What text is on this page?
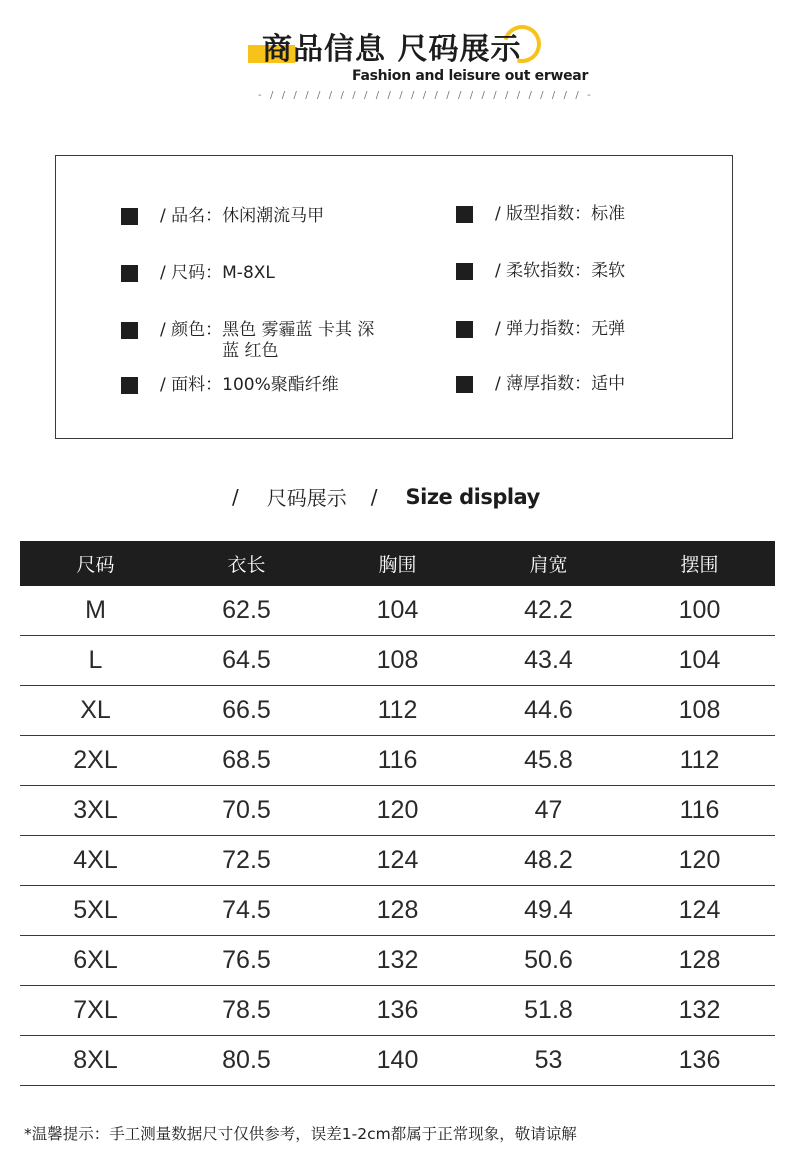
商品信息 尺码展示
Fashion and leisure out erwear
- / / / / / / / / / / / / / / / / / / / / / / / / / / / -
/ 品名： 休闲潮流马甲
/ 尺码： M-8XL
/ 颜色： 黑色 雾霾蓝 卡其 深蓝 红色
/ 面料： 100%聚酯纤维
/ 版型指数： 标准
/ 柔软指数： 柔软
/ 弹力指数： 无弹
/ 薄厚指数： 适中
/ 尺码展示 / Size display
尺码	衣长	胸围	肩宽	摆围
M	62.5	104	42.2	100
L	64.5	108	43.4	104
XL	66.5	112	44.6	108
2XL	68.5	116	45.8	112
3XL	70.5	120	47	116
4XL	72.5	124	48.2	120
5XL	74.5	128	49.4	124
6XL	76.5	132	50.6	128
7XL	78.5	136	51.8	132
8XL	80.5	140	53	136
*温馨提示：手工测量数据尺寸仅供参考，误差1-2cm都属于正常现象，敬请谅解
